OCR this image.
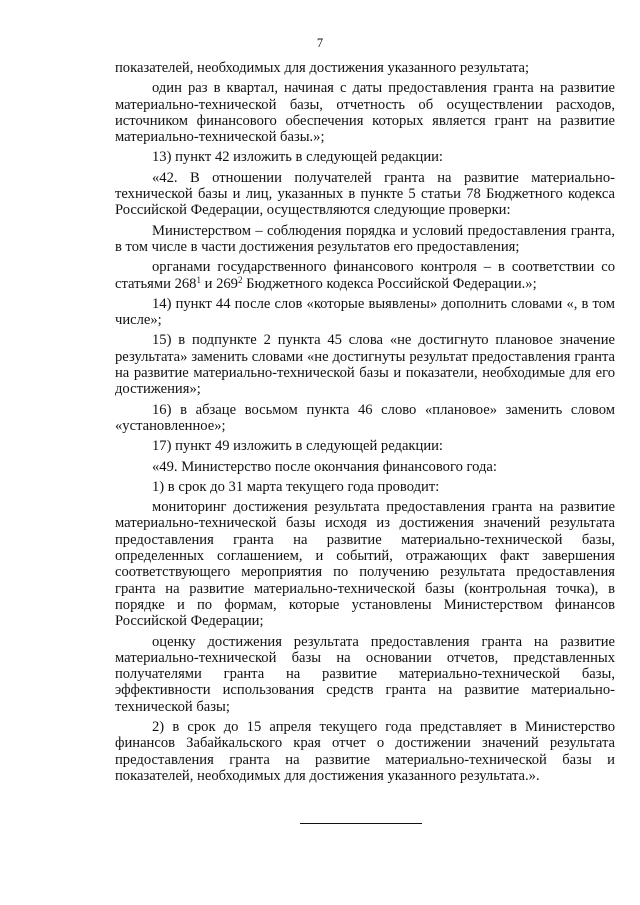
7

показателей, необходимых для достижения указанного результата;

один раз в квартал, начиная с даты предоставления гранта на развитие материально-технической базы, отчетность об осуществлении расходов, источником финансового обеспечения которых является грант на развитие материально-технической базы.»;

13) пункт 42 изложить в следующей редакции:

«42. В отношении получателей гранта на развитие материально-технической базы и лиц, указанных в пункте 5 статьи 78 Бюджетного кодекса Российской Федерации, осуществляются следующие проверки:

Министерством – соблюдения порядка и условий предоставления гранта, в том числе в части достижения результатов его предоставления;

органами государственного финансового контроля – в соответствии со статьями $268^1$ и $269^2$ Бюджетного кодекса Российской Федерации.»;

14) пункт 44 после слов «которые выявлены» дополнить словами «, в том числе»;

15) в подпункте 2 пункта 45 слова «не достигнуто плановое значение результата» заменить словами «не достигнуты результат предоставления гранта на развитие материально-технической базы и показатели, необходимые для его достижения»;

16) в абзаце восьмом пункта 46 слово «плановое» заменить словом «установленное»;

17) пункт 49 изложить в следующей редакции:

«49. Министерство после окончания финансового года:

1) в срок до 31 марта текущего года проводит:

мониторинг достижения результата предоставления гранта на развитие материально-технической базы исходя из достижения значений результата предоставления гранта на развитие материально-технической базы, определенных соглашением, и событий, отражающих факт завершения соответствующего мероприятия по получению результата предоставления гранта на развитие материально-технической базы (контрольная точка), в порядке и по формам, которые установлены Министерством финансов Российской Федерации;

оценку достижения результата предоставления гранта на развитие материально-технической базы на основании отчетов, представленных получателями гранта на развитие материально-технической базы, эффективности использования средств гранта на развитие материально-технической базы;

2) в срок до 15 апреля текущего года представляет в Министерство финансов Забайкальского края отчет о достижении значений результата предоставления гранта на развитие материально-технической базы и показателей, необходимых для достижения указанного результата.».
